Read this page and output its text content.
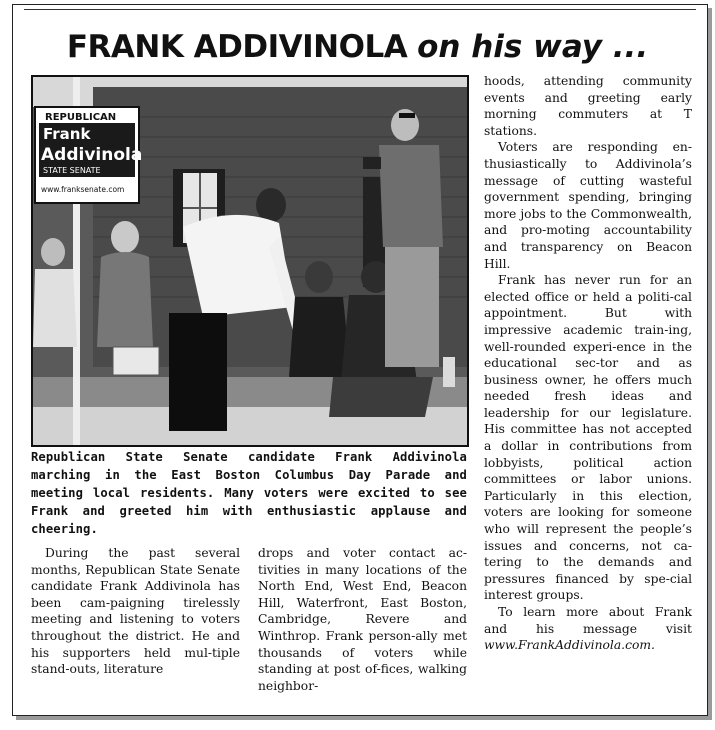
FRANK ADDIVINOLA on his way ...
REPUBLICAN
Frank
Addivinola
STATE SENATE
www.franksenate.com
Republican State Senate candidate Frank Addivinola marching in the East Boston Columbus Day Parade and meeting local residents. Many voters were excited to see Frank and greeted him with enthusiastic applause and cheering.

During the past several months, Republican State Senate candidate Frank Addivinola has been cam-paigning tirelessly meeting and listening to voters throughout the district. He and his supporters held mul-tiple stand-outs, literature

drops and voter contact ac-tivities in many locations of the North End, West End, Beacon Hill, Waterfront, East Boston, Cambridge, Revere and Winthrop. Frank person-ally met thousands of voters while standing at post of-fices, walking neighbor-

hoods, attending community events and greeting early morning commuters at T stations.

Voters are responding en-thusiastically to Addivinola’s message of cutting wasteful government spending, bringing more jobs to the Commonwealth, and pro-moting accountability and transparency on Beacon Hill.

Frank has never run for an elected office or held a politi-cal appointment. But with impressive academic train-ing, well-rounded experi-ence in the educational sec-tor and as business owner, he offers much needed fresh ideas and leadership for our legislature. His committee has not accepted a dollar in contributions from lobbyists, political action committees or labor unions. Particularly in this election, voters are looking for someone who will represent the people’s issues and concerns, not ca-tering to the demands and pressures financed by spe-cial interest groups.

To learn more about Frank and his message visit www.FrankAddivinola.com.
